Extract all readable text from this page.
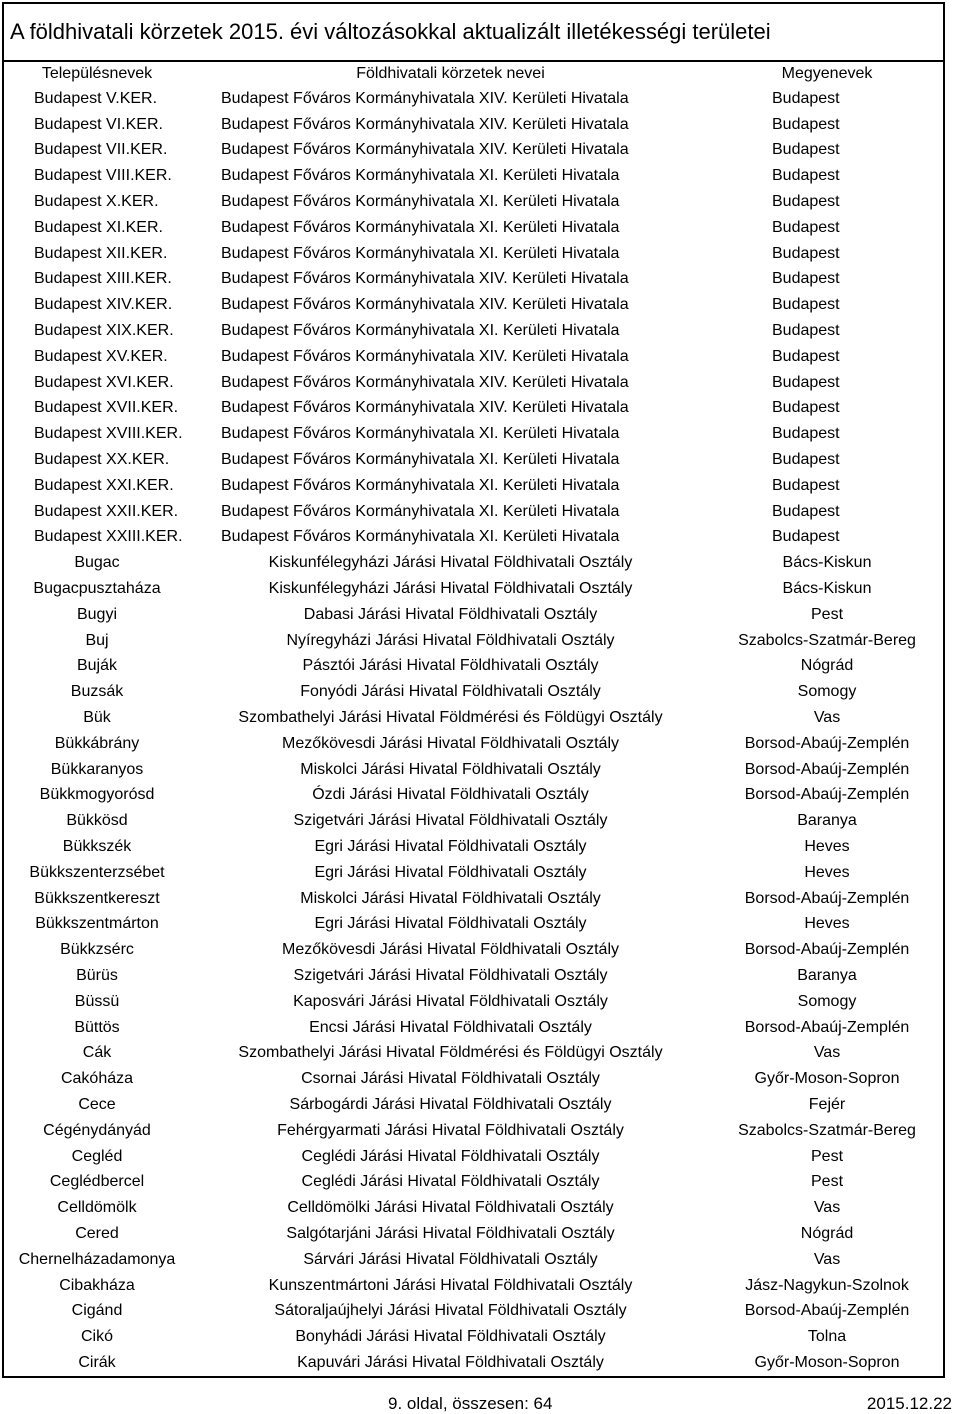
A földhivatali körzetek 2015. évi változásokkal aktualizált illetékességi területei		
Településnevek	Földhivatali körzetek nevei	Megyenevek
Budapest V.KER.	Budapest Főváros Kormányhivatala XIV. Kerületi Hivatala	Budapest
Budapest VI.KER.	Budapest Főváros Kormányhivatala XIV. Kerületi Hivatala	Budapest
Budapest VII.KER.	Budapest Főváros Kormányhivatala XIV. Kerületi Hivatala	Budapest
Budapest VIII.KER.	Budapest Főváros Kormányhivatala XI. Kerületi Hivatala	Budapest
Budapest X.KER.	Budapest Főváros Kormányhivatala XI. Kerületi Hivatala	Budapest
Budapest XI.KER.	Budapest Főváros Kormányhivatala XI. Kerületi Hivatala	Budapest
Budapest XII.KER.	Budapest Főváros Kormányhivatala XI. Kerületi Hivatala	Budapest
Budapest XIII.KER.	Budapest Főváros Kormányhivatala XIV. Kerületi Hivatala	Budapest
Budapest XIV.KER.	Budapest Főváros Kormányhivatala XIV. Kerületi Hivatala	Budapest
Budapest XIX.KER.	Budapest Főváros Kormányhivatala XI. Kerületi Hivatala	Budapest
Budapest XV.KER.	Budapest Főváros Kormányhivatala XIV. Kerületi Hivatala	Budapest
Budapest XVI.KER.	Budapest Főváros Kormányhivatala XIV. Kerületi Hivatala	Budapest
Budapest XVII.KER.	Budapest Főváros Kormányhivatala XIV. Kerületi Hivatala	Budapest
Budapest XVIII.KER.	Budapest Főváros Kormányhivatala XI. Kerületi Hivatala	Budapest
Budapest XX.KER.	Budapest Főváros Kormányhivatala XI. Kerületi Hivatala	Budapest
Budapest XXI.KER.	Budapest Főváros Kormányhivatala XI. Kerületi Hivatala	Budapest
Budapest XXII.KER.	Budapest Főváros Kormányhivatala XI. Kerületi Hivatala	Budapest
Budapest XXIII.KER.	Budapest Főváros Kormányhivatala XI. Kerületi Hivatala	Budapest
Bugac	Kiskunfélegyházi Járási Hivatal Földhivatali Osztály	Bács-Kiskun
Bugacpusztaháza	Kiskunfélegyházi Járási Hivatal Földhivatali Osztály	Bács-Kiskun
Bugyi	Dabasi Járási Hivatal Földhivatali Osztály	Pest
Buj	Nyíregyházi Járási Hivatal Földhivatali Osztály	Szabolcs-Szatmár-Bereg
Buják	Pásztói Járási Hivatal Földhivatali Osztály	Nógrád
Buzsák	Fonyódi Járási Hivatal Földhivatali Osztály	Somogy
Bük	Szombathelyi Járási Hivatal Földmérési és Földügyi Osztály	Vas
Bükkábrány	Mezőkövesdi Járási Hivatal Földhivatali Osztály	Borsod-Abaúj-Zemplén
Bükkaranyos	Miskolci Járási Hivatal Földhivatali Osztály	Borsod-Abaúj-Zemplén
Bükkmogyorósd	Ózdi Járási Hivatal Földhivatali Osztály	Borsod-Abaúj-Zemplén
Bükkösd	Szigetvári Járási Hivatal Földhivatali Osztály	Baranya
Bükkszék	Egri Járási Hivatal Földhivatali Osztály	Heves
Bükkszenterzsébet	Egri Járási Hivatal Földhivatali Osztály	Heves
Bükkszentkereszt	Miskolci Járási Hivatal Földhivatali Osztály	Borsod-Abaúj-Zemplén
Bükkszentmárton	Egri Járási Hivatal Földhivatali Osztály	Heves
Bükkzsérc	Mezőkövesdi Járási Hivatal Földhivatali Osztály	Borsod-Abaúj-Zemplén
Bürüs	Szigetvári Járási Hivatal Földhivatali Osztály	Baranya
Büssü	Kaposvári Járási Hivatal Földhivatali Osztály	Somogy
Büttös	Encsi Járási Hivatal Földhivatali Osztály	Borsod-Abaúj-Zemplén
Cák	Szombathelyi Járási Hivatal Földmérési és Földügyi Osztály	Vas
Cakóháza	Csornai Járási Hivatal Földhivatali Osztály	Győr-Moson-Sopron
Cece	Sárbogárdi Járási Hivatal Földhivatali Osztály	Fejér
Cégénydányád	Fehérgyarmati Járási Hivatal Földhivatali Osztály	Szabolcs-Szatmár-Bereg
Cegléd	Ceglédi Járási Hivatal Földhivatali Osztály	Pest
Ceglédbercel	Ceglédi Járási Hivatal Földhivatali Osztály	Pest
Celldömölk	Celldömölki Járási Hivatal Földhivatali Osztály	Vas
Cered	Salgótarjáni Járási Hivatal Földhivatali Osztály	Nógrád
Chernelházadamonya	Sárvári Járási Hivatal Földhivatali Osztály	Vas
Cibakháza	Kunszentmártoni Járási Hivatal Földhivatali Osztály	Jász-Nagykun-Szolnok
Cigánd	Sátoraljaújhelyi Járási Hivatal Földhivatali Osztály	Borsod-Abaúj-Zemplén
Cikó	Bonyhádi Járási Hivatal Földhivatali Osztály	Tolna
Cirák	Kapuvári Járási Hivatal Földhivatali Osztály	Győr-Moson-Sopron
9. oldal, összesen: 64	2015.12.22
